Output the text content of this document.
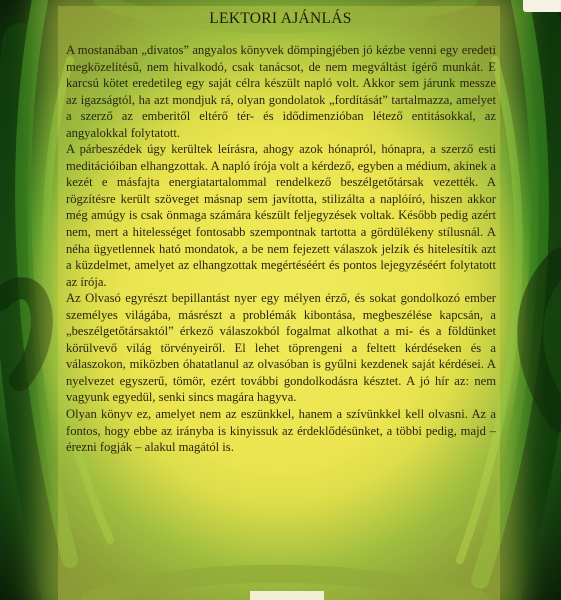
LEKTORI AJÁNLÁS

A mostanában „divatos” angyalos könyvek dömpingjében jó kézbe venni egy eredeti megközelítésű, nem hivalkodó, csak tanácsot, de nem megváltást ígérő munkát. E karcsú kötet eredetileg egy saját célra készült napló volt. Akkor sem járunk messze az igazságtól, ha azt mondjuk rá, olyan gondolatok „fordítását” tartalmazza, amelyet a szerző az emberitől eltérő tér- és idődimenzióban létező entitásokkal, az angyalokkal folytatott.

A párbeszédek úgy kerültek leírásra, ahogy azok hónapról, hónapra, a szerző esti meditációiban elhangzottak. A napló írója volt a kérdező, egyben a médium, akinek a kezét e másfajta energiatartalommal rendelkező beszélgetőtársak vezették. A rögzítésre került szöveget másnap sem javította, stilizálta a naplóíró, hiszen akkor még amúgy is csak önmaga számára készült feljegyzések voltak. Később pedig azért nem, mert a hitelességet fontosabb szempontnak tartotta a gördülékeny stílusnál. A néha ügyetlennek ható mondatok, a be nem fejezett válaszok jelzik és hitelesítik azt a küzdelmet, amelyet az elhangzottak megértéséért és pontos lejegyzéséért folytatott az írója.

Az Olvasó egyrészt bepillantást nyer egy mélyen érző, és sokat gondolkozó ember személyes világába, másrészt a problémák kibontása, megbeszélése kapcsán, a „beszélgetőtársaktól” érkező válaszokból fogalmat alkothat a mi- és a földünket körülvevő világ törvényeiről. El lehet töprengeni a feltett kérdéseken és a válaszokon, miközben óhatatlanul az olvasóban is gyűlni kezdenek saját kérdései. A nyelvezet egyszerű, tömör, ezért további gondolkodásra késztet. A jó hír az: nem vagyunk egyedül, senki sincs magára hagyva.

Olyan könyv ez, amelyet nem az eszünkkel, hanem a szívünkkel kell olvasni. Az a fontos, hogy ebbe az irányba is kinyissuk az érdeklődésünket, a többi pedig, majd – érezni fogják – alakul magától is.
